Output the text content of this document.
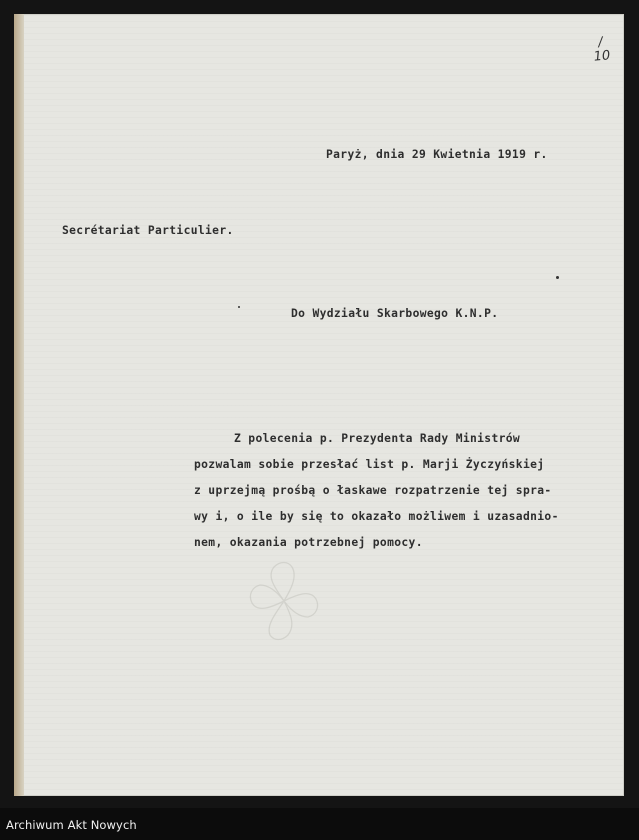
/
10

Paryż, dnia 29 Kwietnia 1919 r.

Secrétariat Particulier.

Do Wydziału Skarbowego K.N.P.

Z polecenia p. Prezydenta Rady Ministrów

pozwalam sobie przesłać list p. Marji Życzyńskiej

z uprzejmą prośbą o łaskawe rozpatrzenie tej spra-

wy i, o ile by się to okazało możliwem i uzasadnio-

nem, okazania potrzebnej pomocy.

Archiwum Akt Nowych
